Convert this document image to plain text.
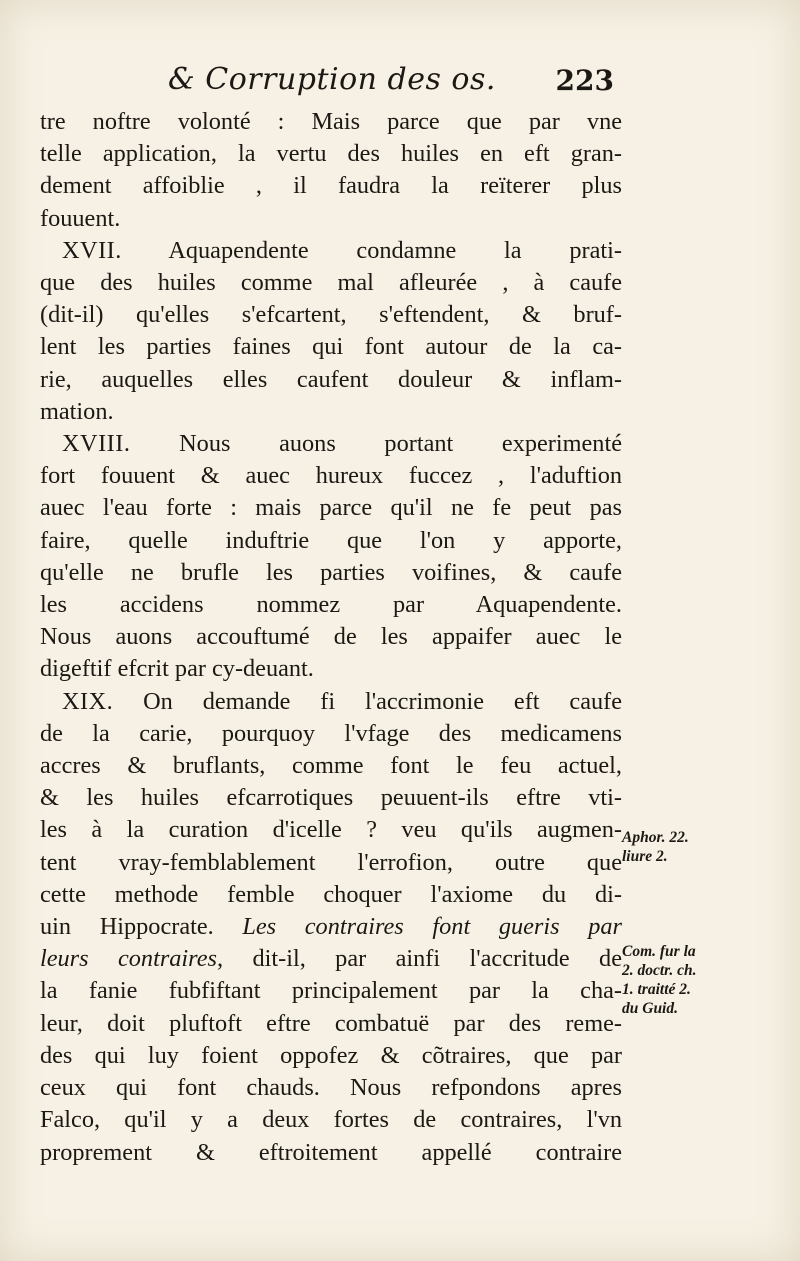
& Corruption des os. 223
tre noftre volonté : Mais parce que par vne
telle application, la vertu des huiles en eft gran-
dement affoiblie , il faudra la reïterer plus
fouuent.
XVII. Aquapendente condamne la prati-
que des huiles comme mal afleurée , à caufe
(dit-il) qu'elles s'efcartent, s'eftendent, & bruf-
lent les parties faines qui font autour de la ca-
rie, auquelles elles caufent douleur & inflam-
mation.
XVIII. Nous auons portant experimenté
fort fouuent & auec hureux fuccez , l'aduftion
auec l'eau forte : mais parce qu'il ne fe peut pas
faire, quelle induftrie que l'on y apporte,
qu'elle ne brufle les parties voifines, & caufe
les accidens nommez par Aquapendente.
Nous auons accouftumé de les appaifer auec le
digeftif efcrit par cy-deuant.
XIX. On demande fi l'accrimonie eft caufe
de la carie, pourquoy l'vfage des medicamens
accres & bruflants, comme font le feu actuel,
& les huiles efcarrotiques peuuent-ils eftre vti-
les à la curation d'icelle ? veu qu'ils augmen-
tent vray-femblablement l'errofion, outre que
cette methode femble choquer l'axiome du di-
uin Hippocrate. Les contraires font gueris par
leurs contraires, dit-il, par ainfi l'accritude de
la fanie fubfiftant principalement par la cha-
leur, doit pluftoft eftre combatuë par des reme-
des qui luy foient oppofez & cõtraires, que par
ceux qui font chauds. Nous refpondons apres
Falco, qu'il y a deux fortes de contraires, l'vn
proprement & eftroitement appellé contraire
Aphor. 22.
liure 2.
Com. fur la
2. doctr. ch.
1. traitté 2.
du Guid.
